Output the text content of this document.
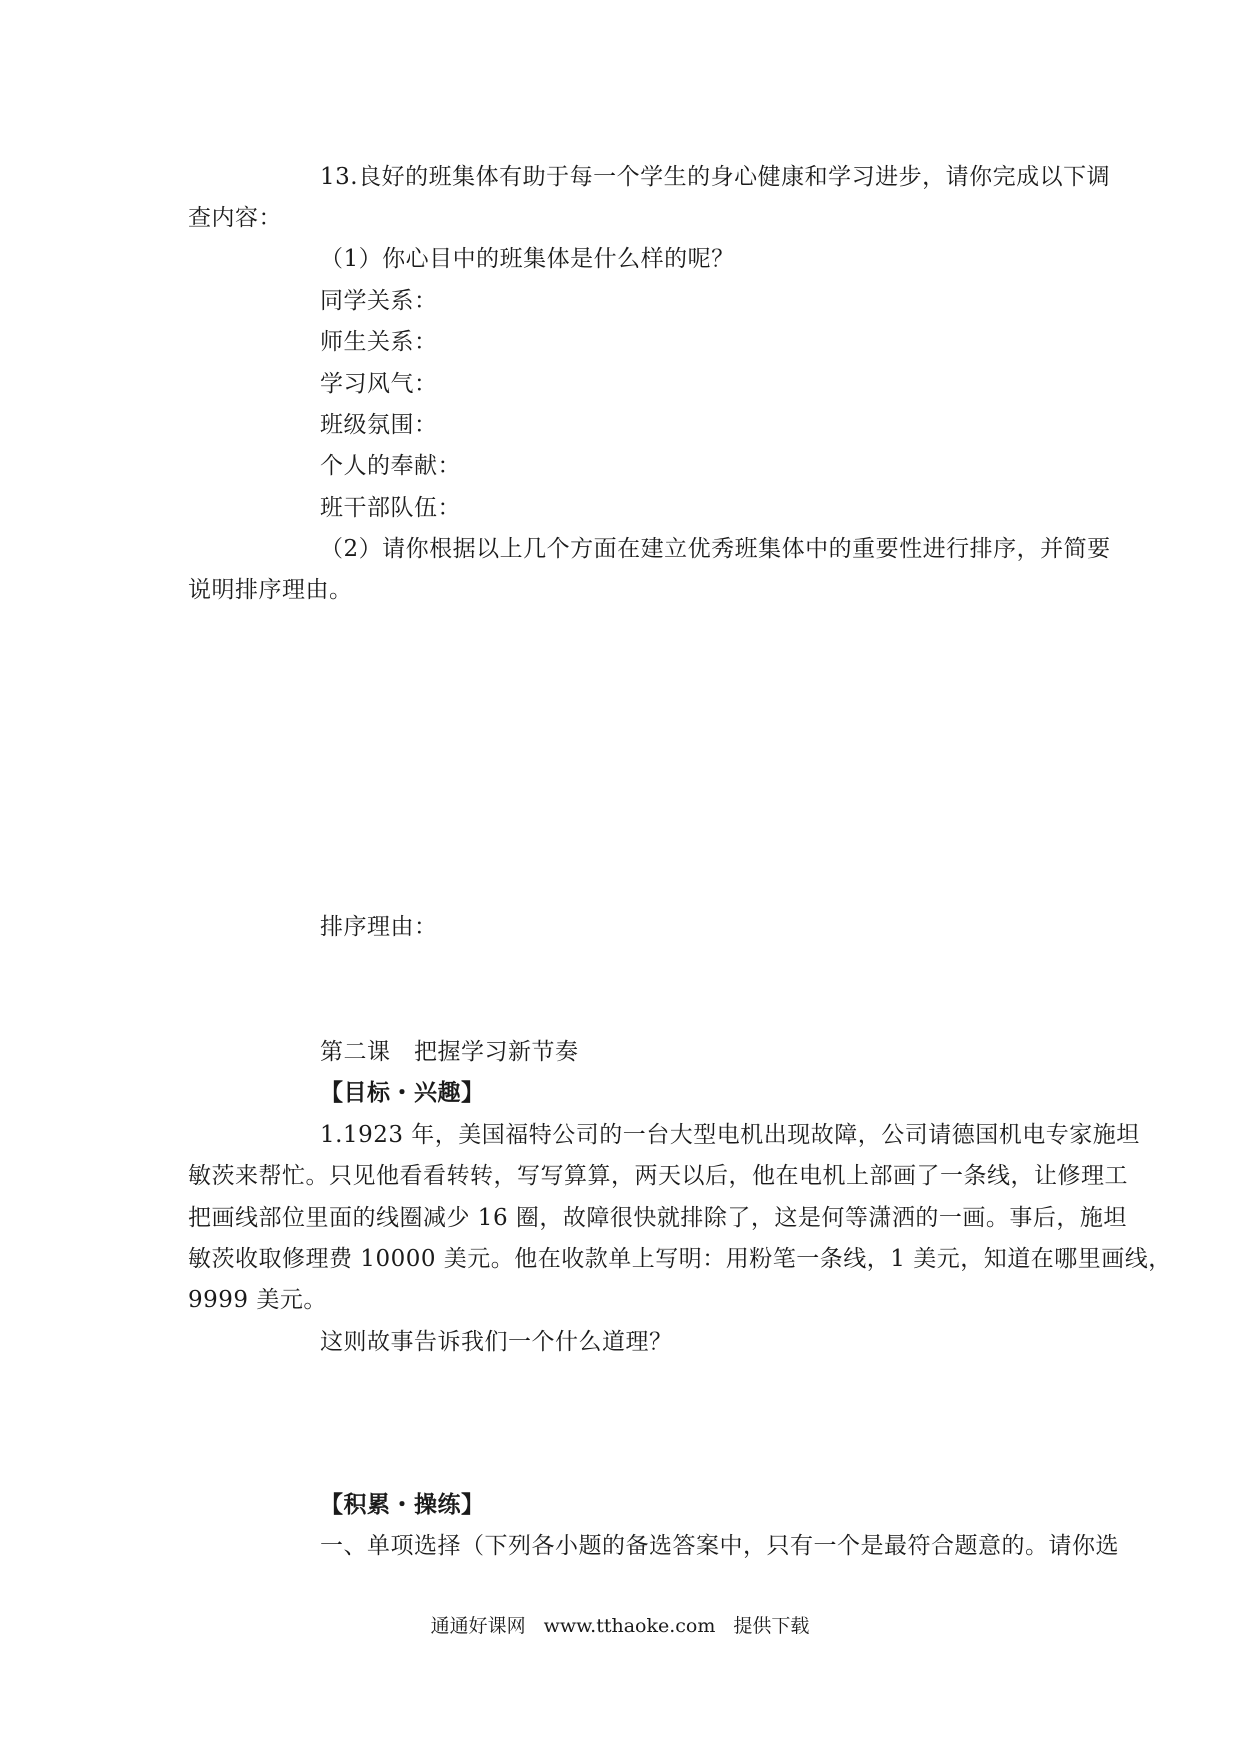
13.良好的班集体有助于每一个学生的身心健康和学习进步，请你完成以下调
查内容：
（1）你心目中的班集体是什么样的呢？
同学关系：
师生关系：
学习风气：
班级氛围：
个人的奉献：
班干部队伍：
（2）请你根据以上几个方面在建立优秀班集体中的重要性进行排序，并简要
说明排序理由。
排序理由：
第二课　把握学习新节奏
【目标・兴趣】
1.1923 年，美国福特公司的一台大型电机出现故障，公司请德国机电专家施坦
敏茨来帮忙。只见他看看转转，写写算算，两天以后，他在电机上部画了一条线，让修理工
把画线部位里面的线圈减少 16 圈，故障很快就排除了，这是何等潇洒的一画。事后，施坦
敏茨收取修理费 10000 美元。他在收款单上写明：用粉笔一条线，1 美元，知道在哪里画线，
9999 美元。
这则故事告诉我们一个什么道理？
【积累・操练】
一、单项选择（下列各小题的备选答案中，只有一个是最符合题意的。请你选
通通好课网 www.tthaoke.com 提供下载
